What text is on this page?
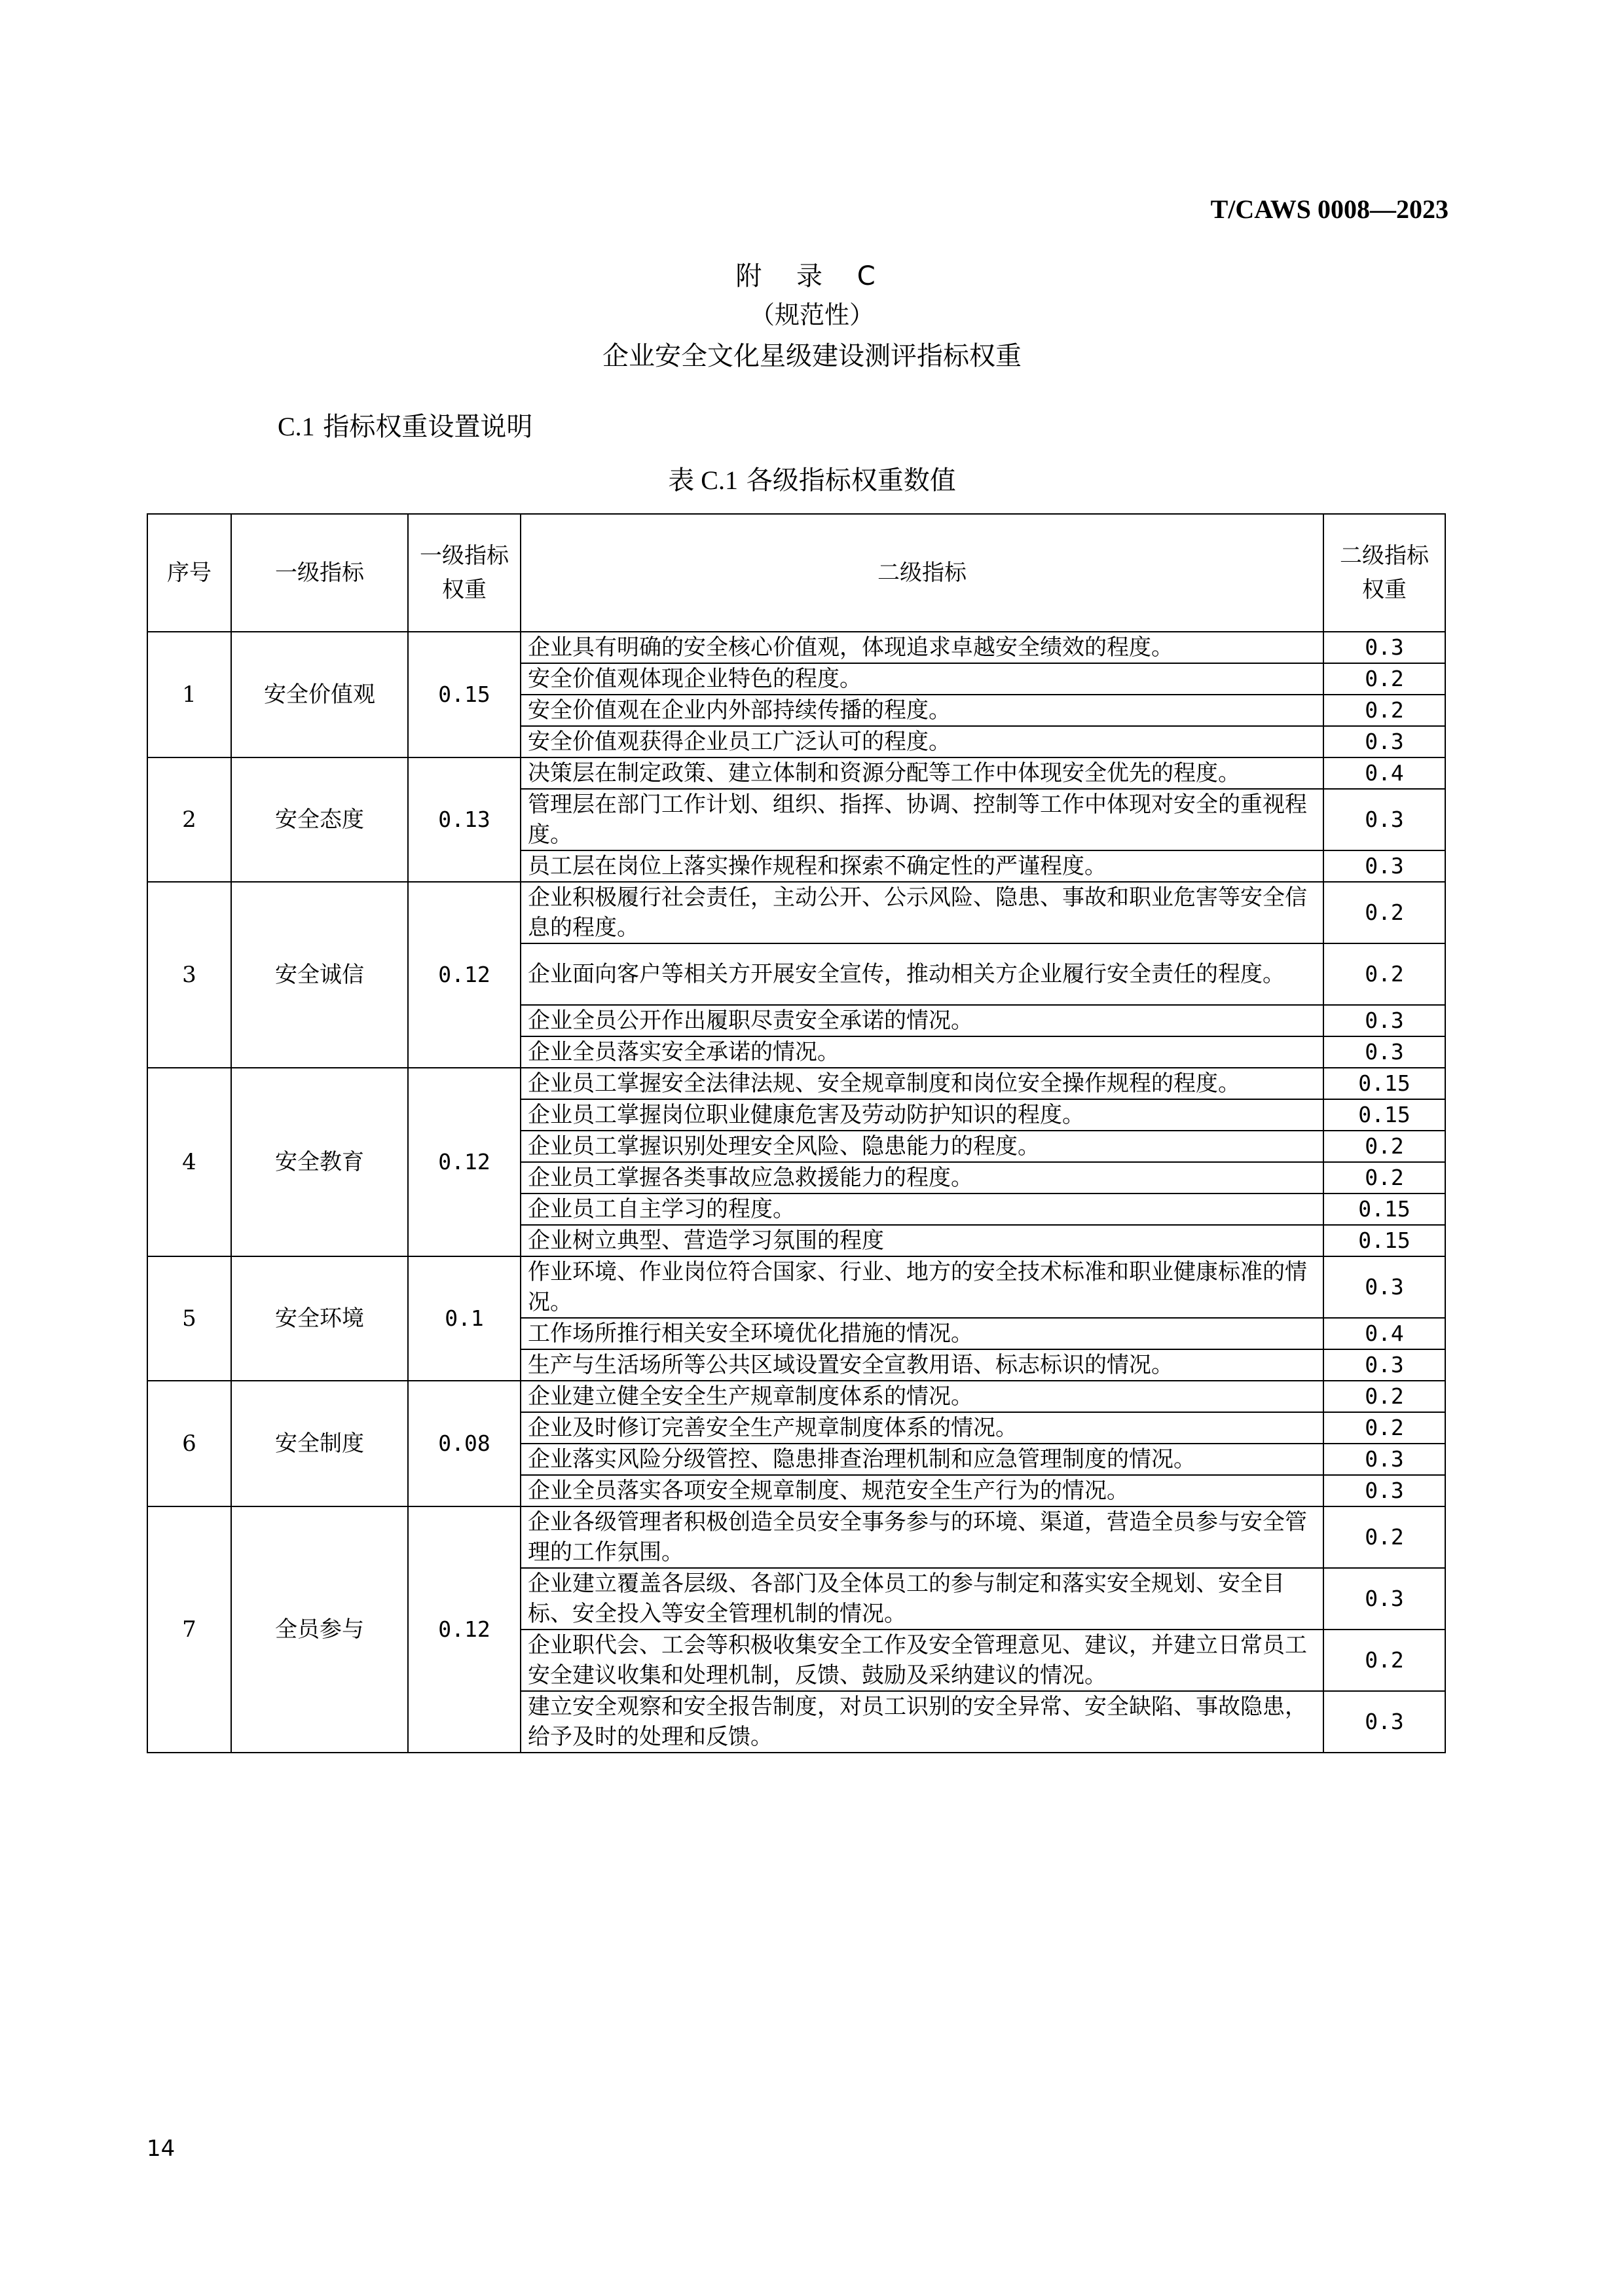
T/CAWS 0008—2023
附 录 C
（规范性）
企业安全文化星级建设测评指标权重
C.1 指标权重设置说明
表 C.1 各级指标权重数值
序号	一级指标	一级指标权重	二级指标	二级指标权重
1	安全价值观	0.15	企业具有明确的安全核心价值观，体现追求卓越安全绩效的程度。	0.3
			安全价值观体现企业特色的程度。	0.2
			安全价值观在企业内外部持续传播的程度。	0.2
			安全价值观获得企业员工广泛认可的程度。	0.3
2	安全态度	0.13	决策层在制定政策、建立体制和资源分配等工作中体现安全优先的程度。	0.4
			管理层在部门工作计划、组织、指挥、协调、控制等工作中体现对安全的重视程度。	0.3
			员工层在岗位上落实操作规程和探索不确定性的严谨程度。	0.3
3	安全诚信	0.12	企业积极履行社会责任，主动公开、公示风险、隐患、事故和职业危害等安全信息的程度。	0.2
			企业面向客户等相关方开展安全宣传，推动相关方企业履行安全责任的程度。	0.2
			企业全员公开作出履职尽责安全承诺的情况。	0.3
			企业全员落实安全承诺的情况。	0.3
4	安全教育	0.12	企业员工掌握安全法律法规、安全规章制度和岗位安全操作规程的程度。	0.15
			企业员工掌握岗位职业健康危害及劳动防护知识的程度。	0.15
			企业员工掌握识别处理安全风险、隐患能力的程度。	0.2
			企业员工掌握各类事故应急救援能力的程度。	0.2
			企业员工自主学习的程度。	0.15
			企业树立典型、营造学习氛围的程度	0.15
5	安全环境	0.1	作业环境、作业岗位符合国家、行业、地方的安全技术标准和职业健康标准的情况。	0.3
			工作场所推行相关安全环境优化措施的情况。	0.4
			生产与生活场所等公共区域设置安全宣教用语、标志标识的情况。	0.3
6	安全制度	0.08	企业建立健全安全生产规章制度体系的情况。	0.2
			企业及时修订完善安全生产规章制度体系的情况。	0.2
			企业落实风险分级管控、隐患排查治理机制和应急管理制度的情况。	0.3
			企业全员落实各项安全规章制度、规范安全生产行为的情况。	0.3
7	全员参与	0.12	企业各级管理者积极创造全员安全事务参与的环境、渠道，营造全员参与安全管理的工作氛围。	0.2
			企业建立覆盖各层级、各部门及全体员工的参与制定和落实安全规划、安全目标、安全投入等安全管理机制的情况。	0.3
			企业职代会、工会等积极收集安全工作及安全管理意见、建议，并建立日常员工安全建议收集和处理机制，反馈、鼓励及采纳建议的情况。	0.2
			建立安全观察和安全报告制度，对员工识别的安全异常、安全缺陷、事故隐患，给予及时的处理和反馈。	0.3
14
